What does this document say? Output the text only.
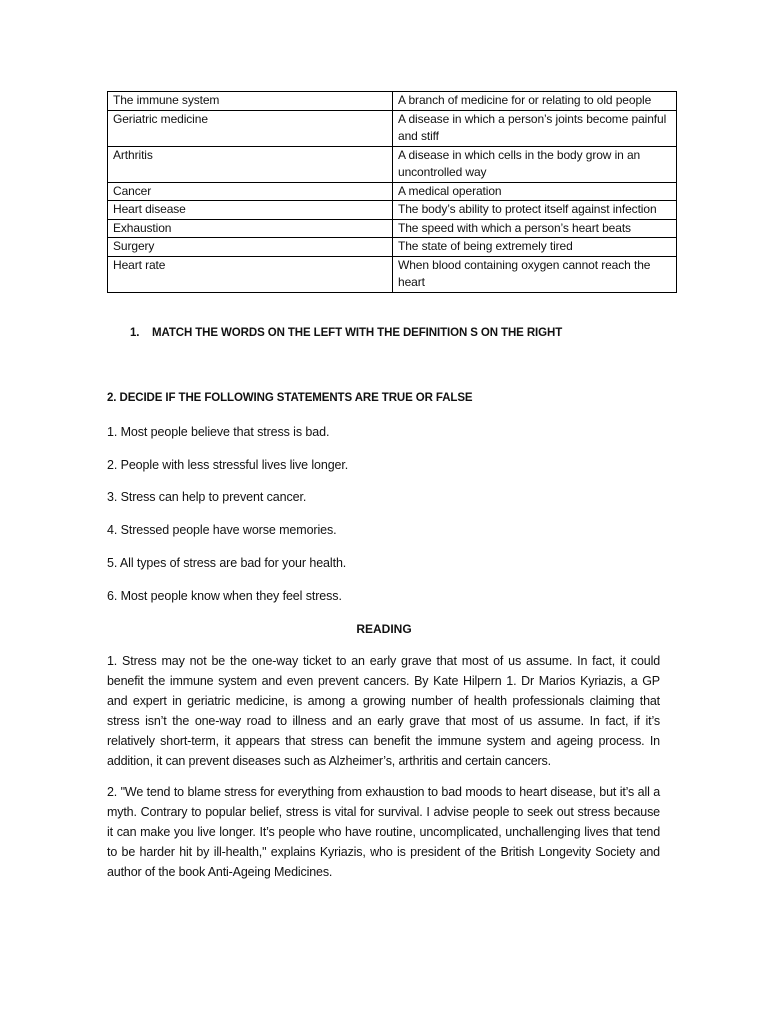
The immune system	A branch of medicine for or relating to old people
Geriatric medicine	A disease in which a person’s joints become painful and stiff
Arthritis	A disease in which cells in the body grow in an uncontrolled way
Cancer	A medical operation
Heart disease	The body’s ability to protect itself against infection
Exhaustion	The speed with which a person’s heart beats
Surgery	The state of being extremely tired
Heart rate	When blood containing oxygen cannot reach the heart
1. MATCH THE WORDS ON THE LEFT WITH THE DEFINITION S ON THE RIGHT
2. DECIDE IF THE FOLLOWING STATEMENTS ARE TRUE OR FALSE
1. Most people believe that stress is bad.
2. People with less stressful lives live longer.
3. Stress can help to prevent cancer.
4. Stressed people have worse memories.
5. All types of stress are bad for your health.
6. Most people know when they feel stress.
READING

1. Stress may not be the one-way ticket to an early grave that most of us assume. In fact, it could benefit the immune system and even prevent cancers. By Kate Hilpern 1. Dr Marios Kyriazis, a GP and expert in geriatric medicine, is among a growing number of health professionals claiming that stress isn’t the one-way road to illness and an early grave that most of us assume. In fact, if it’s relatively short-term, it appears that stress can benefit the immune system and ageing process. In addition, it can prevent diseases such as Alzheimer’s, arthritis and certain cancers.

2. "We tend to blame stress for everything from exhaustion to bad moods to heart disease, but it’s all a myth. Contrary to popular belief, stress is vital for survival. I advise people to seek out stress because it can make you live longer. It’s people who have routine, uncomplicated, unchallenging lives that tend to be harder hit by ill-health," explains Kyriazis, who is president of the British Longevity Society and author of the book Anti-Ageing Medicines.
